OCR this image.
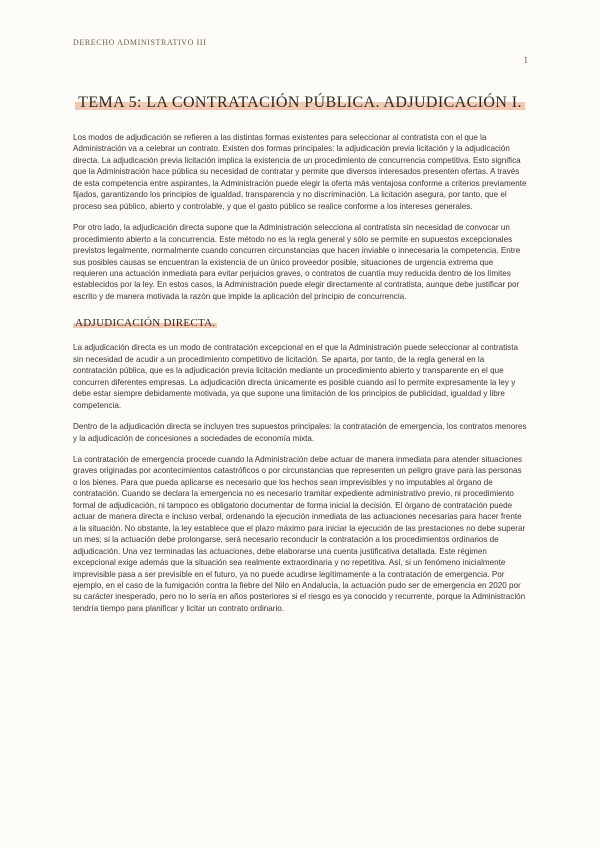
DERECHO ADMINISTRATIVO III
1
TEMA 5: LA CONTRATACIÓN PÚBLICA. ADJUDICACIÓN I.

Los modos de adjudicación se refieren a las distintas formas existentes para seleccionar al contratista con el que la Administración va a celebrar un contrato. Existen dos formas principales: la adjudicación previa licitación y la adjudicación directa. La adjudicación previa licitación implica la existencia de un procedimiento de concurrencia competitiva. Esto significa que la Administración hace pública su necesidad de contratar y permite que diversos interesados presenten ofertas. A través de esta competencia entre aspirantes, la Administración puede elegir la oferta más ventajosa conforme a criterios previamente fijados, garantizando los principios de igualdad, transparencia y no discriminación. La licitación asegura, por tanto, que el proceso sea público, abierto y controlable, y que el gasto público se realice conforme a los intereses generales.

Por otro lado, la adjudicación directa supone que la Administración selecciona al contratista sin necesidad de convocar un procedimiento abierto a la concurrencia. Este método no es la regla general y sólo se permite en supuestos excepcionales previstos legalmente, normalmente cuando concurren circunstancias que hacen inviable o innecesaria la competencia. Entre sus posibles causas se encuentran la existencia de un único proveedor posible, situaciones de urgencia extrema que requieren una actuación inmediata para evitar perjuicios graves, o contratos de cuantía muy reducida dentro de los límites establecidos por la ley. En estos casos, la Administración puede elegir directamente al contratista, aunque debe justificar por escrito y de manera motivada la razón que impide la aplicación del principio de concurrencia.

ADJUDICACIÓN DIRECTA.

La adjudicación directa es un modo de contratación excepcional en el que la Administración puede seleccionar al contratista sin necesidad de acudir a un procedimiento competitivo de licitación. Se aparta, por tanto, de la regla general en la contratación pública, que es la adjudicación previa licitación mediante un procedimiento abierto y transparente en el que concurren diferentes empresas. La adjudicación directa únicamente es posible cuando así lo permite expresamente la ley y debe estar siempre debidamente motivada, ya que supone una limitación de los principios de publicidad, igualdad y libre competencia.

Dentro de la adjudicación directa se incluyen tres supuestos principales: la contratación de emergencia, los contratos menores y la adjudicación de concesiones a sociedades de economía mixta.

La contratación de emergencia procede cuando la Administración debe actuar de manera inmediata para atender situaciones graves originadas por acontecimientos catastróficos o por circunstancias que representen un peligro grave para las personas o los bienes. Para que pueda aplicarse es necesario que los hechos sean imprevisibles y no imputables al órgano de contratación. Cuando se declara la emergencia no es necesario tramitar expediente administrativo previo, ni procedimiento formal de adjudicación, ni tampoco es obligatorio documentar de forma inicial la decisión. El órgano de contratación puede actuar de manera directa e incluso verbal, ordenando la ejecución inmediata de las actuaciones necesarias para hacer frente a la situación. No obstante, la ley establece que el plazo máximo para iniciar la ejecución de las prestaciones no debe superar un mes; si la actuación debe prolongarse, será necesario reconducir la contratación a los procedimientos ordinarios de adjudicación. Una vez terminadas las actuaciones, debe elaborarse una cuenta justificativa detallada. Este régimen excepcional exige además que la situación sea realmente extraordinaria y no repetitiva. Así, si un fenómeno inicialmente imprevisible pasa a ser previsible en el futuro, ya no puede acudirse legítimamente a la contratación de emergencia. Por ejemplo, en el caso de la fumigación contra la fiebre del Nilo en Andalucía, la actuación pudo ser de emergencia en 2020 por su carácter inesperado, pero no lo sería en años posteriores si el riesgo es ya conocido y recurrente, porque la Administración tendría tiempo para planificar y licitar un contrato ordinario.
